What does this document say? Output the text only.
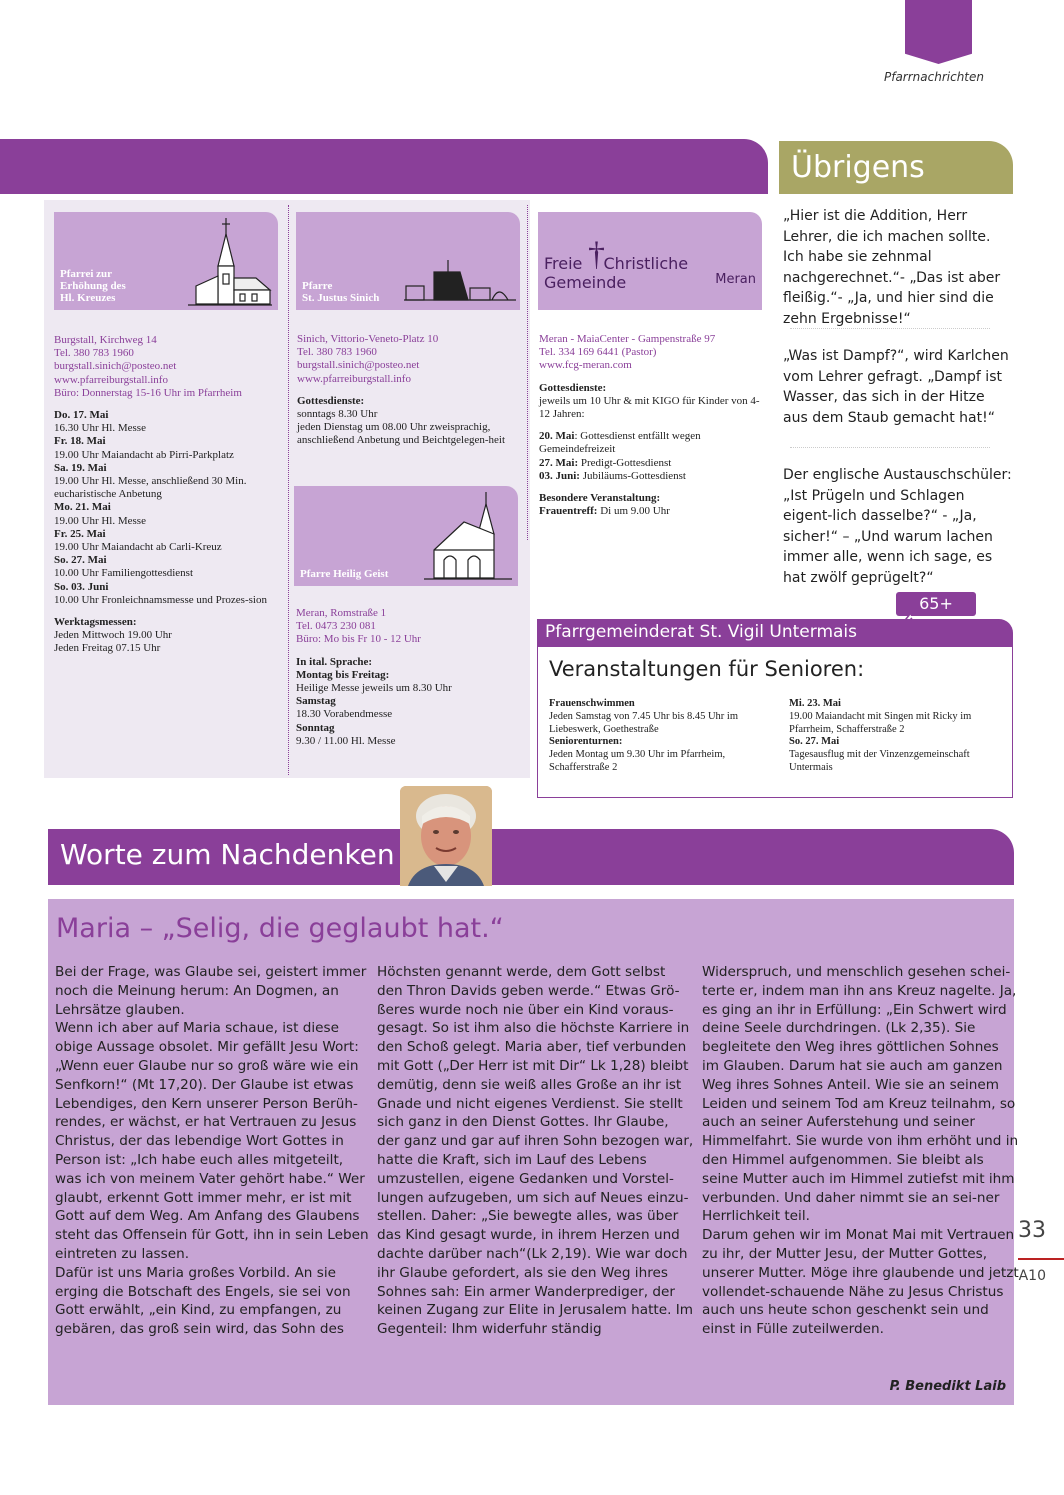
Pfarrnachrichten
Übrigens
Pfarrei zur
Erhöhung des
Hl. Kreuzes
Burgstall, Kirchweg 14
Tel. 380 783 1960
burgstall.sinich@posteo.net
www.pfarreiburgstall.info
Büro: Donnerstag 15-16 Uhr im Pfarrheim
Do. 17. Mai
16.30 Uhr Hl. Messe
Fr. 18. Mai
19.00 Uhr Maiandacht ab Pirri-Parkplatz
Sa. 19. Mai
19.00 Uhr Hl. Messe, anschließend 30 Min. eucharistische Anbetung
Mo. 21. Mai
19.00 Uhr Hl. Messe
Fr. 25. Mai
19.00 Uhr Maiandacht ab Carli-Kreuz
So. 27. Mai
10.00 Uhr Familiengottesdienst
So. 03. Juni
10.00 Uhr Fronleichnamsmesse und Prozes-sion
Werktagsmessen:
Jeden Mittwoch 19.00 Uhr
Jeden Freitag 07.15 Uhr
Pfarre
St. Justus Sinich
Sinich, Vittorio-Veneto-Platz 10
Tel. 380 783 1960
burgstall.sinich@posteo.net
www.pfarreiburgstall.info
Gottesdienste:
sonntags 8.30 Uhr
jeden Dienstag um 08.00 Uhr zweisprachig, anschließend Anbetung und Beichtgelegen-heit
Pfarre Heilig Geist
Meran, Romstraße 1
Tel. 0473 230 081
Büro: Mo bis Fr 10 - 12 Uhr
In ital. Sprache:
Montag bis Freitag:
Heilige Messe jeweils um 8.30 Uhr
Samstag
18.30 Vorabendmesse
Sonntag
9.30 / 11.00 Hl. Messe
Freie †
Christliche Gemeinde	Meran
Meran - MaiaCenter - Gampenstraße 97
Tel. 334 169 6441 (Pastor)
www.fcg-meran.com
Gottesdienste:
jeweils um 10 Uhr & mit KIGO für Kinder von 4-12 Jahren:
20. Mai: Gottesdienst entfällt wegen Gemeindefreizeit
27. Mai: Predigt-Gottesdienst
03. Juni: Jubiläums-Gottesdienst
Besondere Veranstaltung:
Frauentreff: Di um 9.00 Uhr
„Hier ist die Addition, Herr Lehrer, die ich machen sollte. Ich habe sie zehnmal nachgerechnet.“- „Das ist aber fleißig.“- „Ja, und hier sind die zehn Ergebnisse!“
„Was ist Dampf?“, wird Karlchen vom Lehrer gefragt. „Dampf ist Wasser, das sich in der Hitze aus dem Staub gemacht hat!“
Der englische Austauschschüler: „Ist Prügeln und Schlagen eigent-lich dasselbe?“ - „Ja, sicher!“ – „Und warum lachen immer alle, wenn ich sage, es hat zwölf geprügelt?“
65+
Pfarrgemeinderat St. Vigil Untermais
Veranstaltungen für Senioren:
Frauenschwimmen
Jeden Samstag von 7.45 Uhr bis 8.45 Uhr im Liebeswerk, Goethestraße
Seniorenturnen:
Jeden Montag um 9.30 Uhr im Pfarrheim, Schafferstraße 2
Mi. 23. Mai
19.00 Maiandacht mit Singen mit Ricky im Pfarrheim, Schafferstraße 2
So. 27. Mai
Tagesausflug mit der Vinzenzgemeinschaft Untermais
Worte zum Nachdenken
Maria – „Selig, die geglaubt hat.“
Bei der Frage, was Glaube sei, geistert immer noch die Meinung herum: An Dogmen, an Lehrsätze glauben.
Wenn ich aber auf Maria schaue, ist diese obige Aussage obsolet. Mir gefällt Jesu Wort: „Wenn euer Glaube nur so groß wäre wie ein Senfkorn!“ (Mt 17,20). Der Glaube ist etwas Lebendiges, den Kern unserer Person Berüh-rendes, er wächst, er hat Vertrauen zu Jesus Christus, der das lebendige Wort Gottes in Person ist: „Ich habe euch alles mitgeteilt, was ich von meinem Vater gehört habe.“ Wer glaubt, erkennt Gott immer mehr, er ist mit Gott auf dem Weg. Am Anfang des Glaubens steht das Offensein für Gott, ihn in sein Leben eintreten zu lassen.
Dafür ist uns Maria großes Vorbild. An sie erging die Botschaft des Engels, sie sei von Gott erwählt, „ein Kind, zu empfangen, zu gebären, das groß sein wird, das Sohn des
Höchsten genannt werde, dem Gott selbst den Thron Davids geben werde.“ Etwas Grö-ßeres wurde noch nie über ein Kind voraus-gesagt. So ist ihm also die höchste Karriere in den Schoß gelegt. Maria aber, tief verbunden mit Gott („Der Herr ist mit Dir“ Lk 1,28) bleibt demütig, denn sie weiß alles Große an ihr ist Gnade und nicht eigenes Verdienst. Sie stellt sich ganz in den Dienst Gottes. Ihr Glaube, der ganz und gar auf ihren Sohn bezogen war, hatte die Kraft, sich im Lauf des Lebens umzustellen, eigene Gedanken und Vorstel-lungen aufzugeben, um sich auf Neues einzu-stellen. Daher: „Sie bewegte alles, was über das Kind gesagt wurde, in ihrem Herzen und dachte darüber nach“(Lk 2,19). Wie war doch ihr Glaube gefordert, als sie den Weg ihres Sohnes sah: Ein armer Wanderprediger, der keinen Zugang zur Elite in Jerusalem hatte. Im Gegenteil: Ihm widerfuhr ständig
Widerspruch, und menschlich gesehen schei-terte er, indem man ihn ans Kreuz nagelte. Ja, es ging an ihr in Erfüllung: „Ein Schwert wird deine Seele durchdringen. (Lk 2,35). Sie begleitete den Weg ihres göttlichen Sohnes im Glauben. Darum hat sie auch am ganzen Weg ihres Sohnes Anteil. Wie sie an seinem Leiden und seinem Tod am Kreuz teilnahm, so auch an seiner Auferstehung und seiner Himmelfahrt. Sie wurde von ihm erhöht und in den Himmel aufgenommen. Sie bleibt als seine Mutter auch im Himmel zutiefst mit ihm verbunden. Und daher nimmt sie an sei-ner Herrlichkeit teil.
Darum gehen wir im Monat Mai mit Vertrauen zu ihr, der Mutter Jesu, der Mutter Gottes, unserer Mutter. Möge ihre glaubende und jetzt vollendet-schauende Nähe zu Jesus Christus auch uns heute schon geschenkt sein und einst in Fülle zuteilwerden.
P. Benedikt Laib
33
A10
